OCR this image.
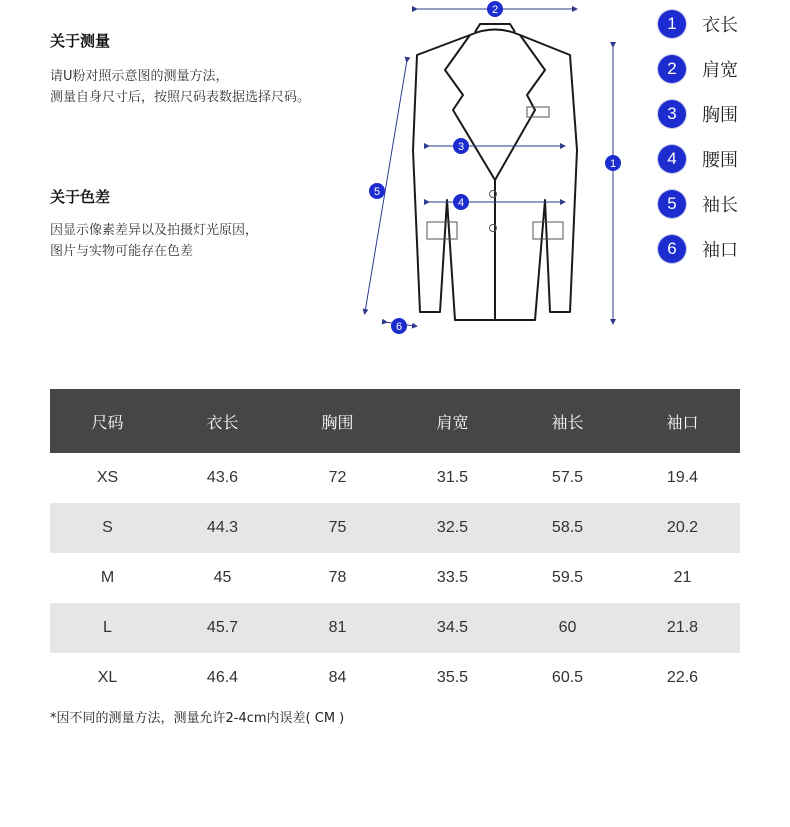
关于测量
请U粉对照示意图的测量方法，
测量自身尺寸后，按照尺码表数据选择尺码。
关于色差
因显示像素差异以及拍摄灯光原因，
图片与实物可能存在色差
2
1
3
4
5
6
1	衣长
2	肩宽
3	胸围
4	腰围
5	袖长
6	袖口
尺码	衣长	胸围	肩宽	袖长	袖口
XS	43.6	72	31.5	57.5	19.4
S	44.3	75	32.5	58.5	20.2
M	45	78	33.5	59.5	21
L	45.7	81	34.5	60	21.8
XL	46.4	84	35.5	60.5	22.6
*因不同的测量方法，测量允许2-4cm内误差( CM )
